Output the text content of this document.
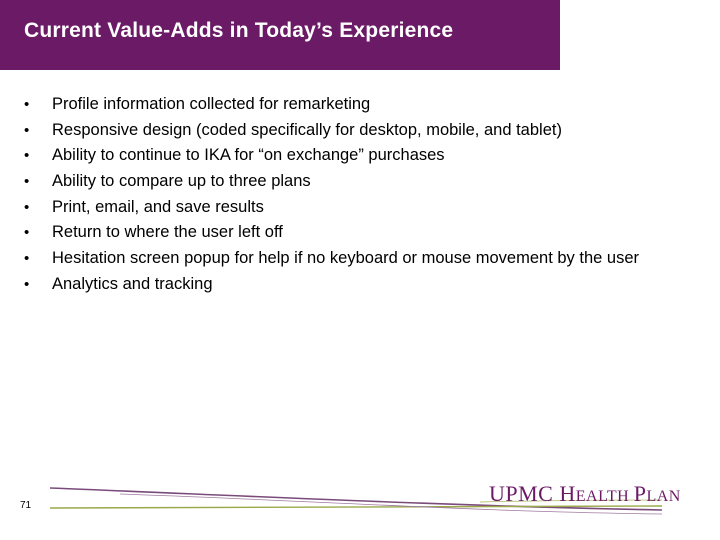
Current Value-Adds in Today’s Experience
•	Profile information collected for remarketing
•	Responsive design (coded specifically for desktop, mobile, and tablet)
•	Ability to continue to IKA for “on exchange” purchases
•	Ability to compare up to three plans
•	Print, email, and save results
•	Return to where the user left off
•	Hesitation screen popup for help if no keyboard or mouse movement by the user
•	Analytics and tracking
71	UPMC HEALTH PLAN
